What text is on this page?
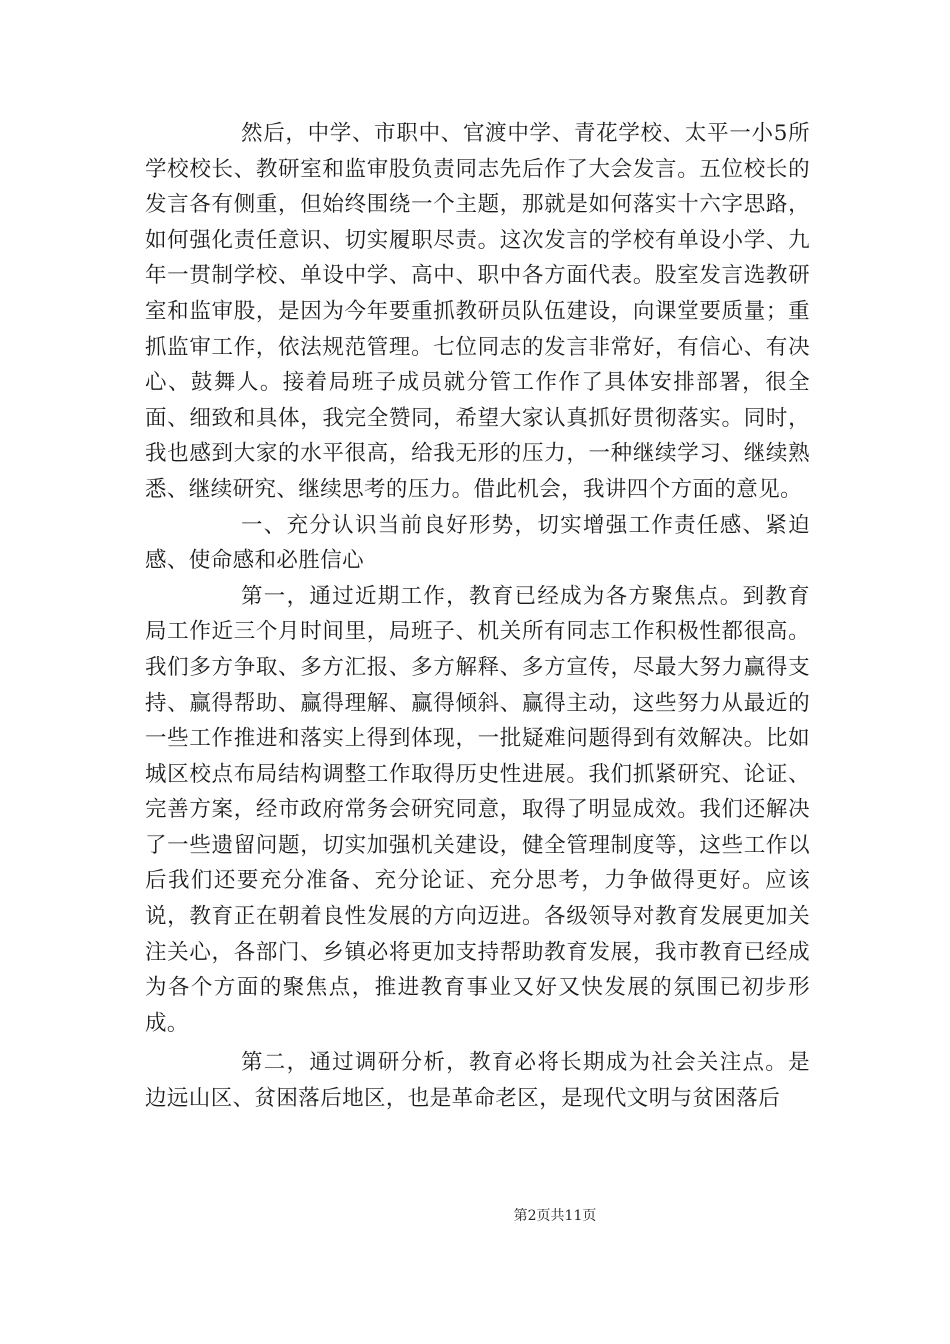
然后，中学、市职中、官渡中学、青花学校、太平一小5所学校校长、教研室和监审股负责同志先后作了大会发言。五位校长的发言各有侧重，但始终围绕一个主题，那就是如何落实十六字思路，如何强化责任意识、切实履职尽责。这次发言的学校有单设小学、九年一贯制学校、单设中学、高中、职中各方面代表。股室发言选教研室和监审股，是因为今年要重抓教研员队伍建设，向课堂要质量；重抓监审工作，依法规范管理。七位同志的发言非常好，有信心、有决心、鼓舞人。接着局班子成员就分管工作作了具体安排部署，很全面、细致和具体，我完全赞同，希望大家认真抓好贯彻落实。同时，我也感到大家的水平很高，给我无形的压力，一种继续学习、继续熟悉、继续研究、继续思考的压力。借此机会，我讲四个方面的意见。

一、充分认识当前良好形势，切实增强工作责任感、紧迫感、使命感和必胜信心

第一，通过近期工作，教育已经成为各方聚焦点。到教育局工作近三个月时间里，局班子、机关所有同志工作积极性都很高。我们多方争取、多方汇报、多方解释、多方宣传，尽最大努力赢得支持、赢得帮助、赢得理解、赢得倾斜、赢得主动，这些努力从最近的一些工作推进和落实上得到体现，一批疑难问题得到有效解决。比如城区校点布局结构调整工作取得历史性进展。我们抓紧研究、论证、完善方案，经市政府常务会研究同意，取得了明显成效。我们还解决了一些遗留问题，切实加强机关建设，健全管理制度等，这些工作以后我们还要充分准备、充分论证、充分思考，力争做得更好。应该说，教育正在朝着良性发展的方向迈进。各级领导对教育发展更加关注关心，各部门、乡镇必将更加支持帮助教育发展，我市教育已经成为各个方面的聚焦点，推进教育事业又好又快发展的氛围已初步形成。

第二，通过调研分析，教育必将长期成为社会关注点。是边远山区、贫困落后地区，也是革命老区，是现代文明与贫困落后

第2页共11页
